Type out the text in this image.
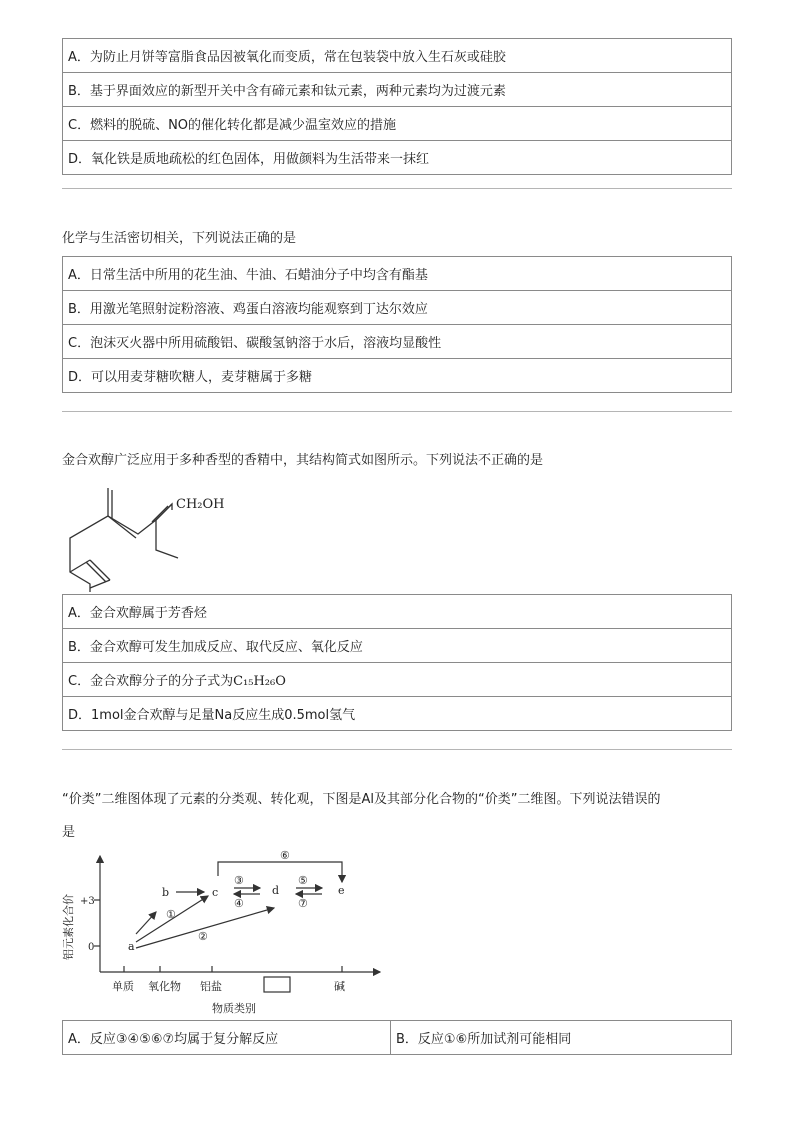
A．为防止月饼等富脂食品因被氧化而变质，常在包装袋中放入生石灰或硅胶
B．基于界面效应的新型开关中含有碲元素和钛元素，两种元素均为过渡元素
C．燃料的脱硫、NO的催化转化都是减少温室效应的措施
D．氧化铁是质地疏松的红色固体，用做颜料为生活带来一抹红
化学与生活密切相关，下列说法正确的是
A．日常生活中所用的花生油、牛油、石蜡油分子中均含有酯基
B．用激光笔照射淀粉溶液、鸡蛋白溶液均能观察到丁达尔效应
C．泡沫灭火器中所用硫酸铝、碳酸氢钠溶于水后，溶液均显酸性
D．可以用麦芽糖吹糖人，麦芽糖属于多糖
金合欢醇广泛应用于多种香型的香精中，其结构简式如图所示。下列说法不正确的是
CH₂OH
A．金合欢醇属于芳香烃
B．金合欢醇可发生加成反应、取代反应、氧化反应
C．金合欢醇分子的分子式为C₁₅H₂₆O
D．1mol金合欢醇与足量Na反应生成0.5mol氢气
“价类”二维图体现了元素的分类观、转化观，下图是Al及其部分化合物的“价类”二维图。下列说法错误的
是
铝元素化合价 +3
0	a
b	c	d	e
①
②
③
④
⑤
⑥
⑦
单质 氧化物 铝盐	碱
物质类别
A．反应③④⑤⑥⑦均属于复分解反应	B．反应①⑥所加试剂可能相同
